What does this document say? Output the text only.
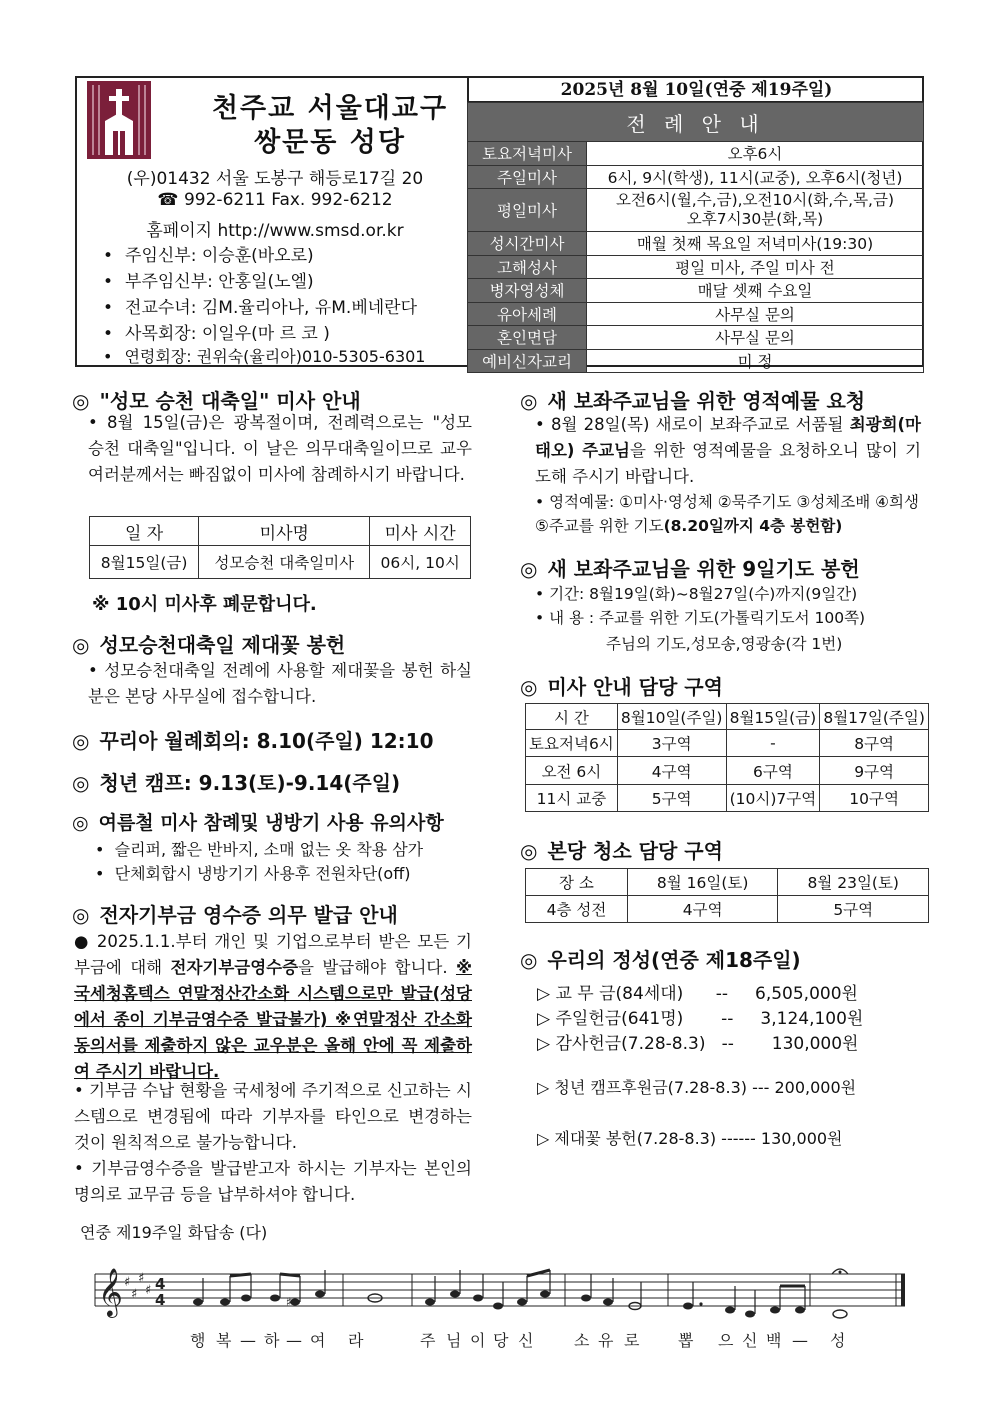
천주교 서울대교구
쌍문동 성당
(우)01432 서울 도봉구 해등로17길 20
☎ 992-6211 Fax. 992-6212
홈페이지 http://www.smsd.or.kr
• 주임신부: 이승훈(바오로)
• 부주임신부: 안홍일(노엘)
• 전교수녀: 김M.율리아나, 유M.베네란다
• 사목회장: 이일우(마 르 코 )
• 연령회장: 권위숙(율리아)010-5305-6301
2025년 8월 10일(연중 제19주일)
전 례 안 내	
토요저녁미사	오후6시
주일미사	6시, 9시(학생), 11시(교중), 오후6시(청년)
평일미사	오전6시(월,수,금),오전10시(화,수,목,금)
오후7시30분(화,목)
성시간미사	매월 첫째 목요일 저녁미사(19:30)
고해성사	평일 미사, 주일 미사 전
병자영성체	매달 셋째 수요일
유아세례	사무실 문의
혼인면담	사무실 문의
예비신자교리	미 정
◎ "성모 승천 대축일" 미사 안내
• 8월 15일(금)은 광복절이며, 전례력으로는 "성모 승천 대축일"입니다. 이 날은 의무대축일이므로 교우 여러분께서는 빠짐없이 미사에 참례하시기 바랍니다.
일 자	미사명	미사 시간
8월15일(금)	성모승천 대축일미사	06시, 10시
※ 10시 미사후 폐문합니다.
◎ 성모승천대축일 제대꽃 봉헌
• 성모승천대축일 전례에 사용할 제대꽃을 봉헌 하실 분은 본당 사무실에 접수합니다.
◎ 꾸리아 월례회의: 8.10(주일) 12:10
◎ 청년 캠프: 9.13(토)-9.14(주일)
◎ 여름철 미사 참례및 냉방기 사용 유의사항
•  슬리퍼, 짧은 반바지, 소매 없는 옷 착용 삼가
•  단체회합시 냉방기기 사용후 전원차단(off)
◎ 전자기부금 영수증 의무 발급 안내
● 2025.1.1.부터 개인 및 기업으로부터 받은 모든 기부금에 대해 전자기부금영수증을 발급해야 합니다. ※국세청홈텍스 연말정산간소화 시스템으로만 발급(성당에서 종이 기부금영수증 발급불가) ※연말정산 간소화 동의서를 제출하지 않은 교우분은 올해 안에 꼭 제출하여 주시기 바랍니다.
• 기부금 수납 현황을 국세청에 주기적으로 신고하는 시스템으로 변경됨에 따라 기부자를 타인으로 변경하는 것이 원칙적으로 불가능합니다.
• 기부금영수증을 발급받고자 하시는 기부자는 본인의 명의로 교무금 등을 납부하셔야 합니다.
◎ 새 보좌주교님을 위한 영적예물 요청
• 8월 28일(목) 새로이 보좌주교로 서품될 최광희(마태오) 주교님을 위한 영적예물을 요청하오니 많이 기도해 주시기 바랍니다.
• 영적예물: ①미사·영성체 ②묵주기도 ③성체조배 ④희생 ⑤주교를 위한 기도(8.20일까지 4층 봉헌함)
◎ 새 보좌주교님을 위한 9일기도 봉헌
• 기간: 8월19일(화)~8월27일(수)까지(9일간)
• 내 용 : 주교를 위한 기도(가톨릭기도서 100쪽)
주님의 기도,성모송,영광송(각 1번)
◎ 미사 안내 담당 구역
시 간	8월10일(주일)	8월15일(금)	8월17일(주일)
토요저녁6시	3구역	-	8구역
오전 6시	4구역	6구역	9구역
11시 교중	5구역	(10시)7구역	10구역
◎ 본당 청소 담당 구역
장 소	8월 16일(토)	8월 23일(토)
4층 성전	4구역	5구역
◎ 우리의 정성(연중 제18주일)
▷ 교 무 금(84세대)      --     6,505,000원
▷ 주일헌금(641명)       --     3,124,100원
▷ 감사헌금(7.28-8.3)   --       130,000원
▷ 청년 캠프후원금(7.28-8.3) --- 200,000원
▷ 제대꽃 봉헌(7.28-8.3) ------ 130,000원
연중 제19주일 화답송 (다)
𝄞 ♯
♯
♯
♯ 4
4	♯
행 복 — 하 — 여 라	주 님 이 당 신	소 유 로 뽑 으 신 백 — 성
